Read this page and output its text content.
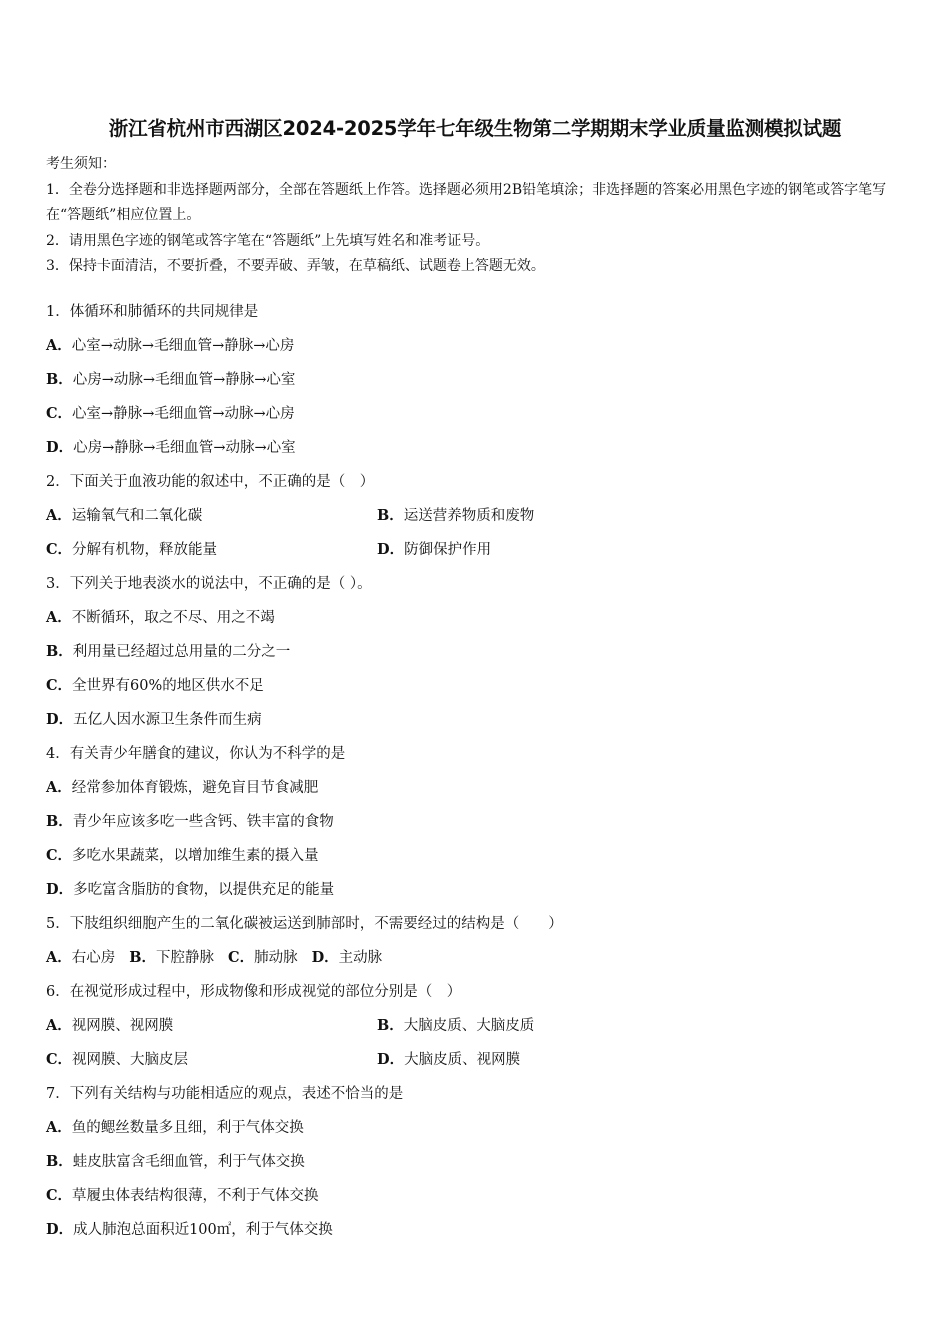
浙江省杭州市西湖区2024-2025学年七年级生物第二学期期末学业质量监测模拟试题

考生须知：

1．全卷分选择题和非选择题两部分，全部在答题纸上作答。选择题必须用2B铅笔填涂；非选择题的答案必用黑色字迹的钢笔或答字笔写在“答题纸”相应位置上。

2．请用黑色字迹的钢笔或答字笔在“答题纸”上先填写姓名和准考证号。

3．保持卡面清洁，不要折叠，不要弄破、弄皱，在草稿纸、试题卷上答题无效。

1．体循环和肺循环的共同规律是
A．心室→动脉→毛细血管→静脉→心房
B．心房→动脉→毛细血管→静脉→心室
C．心室→静脉→毛细血管→动脉→心房
D．心房→静脉→毛细血管→动脉→心室
2．下面关于血液功能的叙述中，不正确的是（　）
A．运输氧气和二氧化碳	B．运送营养物质和废物
C．分解有机物，释放能量	D．防御保护作用
3．下列关于地表淡水的说法中，不正确的是（ ）。
A．不断循环，取之不尽、用之不竭
B．利用量已经超过总用量的二分之一
C．全世界有60%的地区供水不足
D．五亿人因水源卫生条件而生病
4．有关青少年膳食的建议，你认为不科学的是
A．经常参加体育锻炼，避免盲目节食减肥
B．青少年应该多吃一些含钙、铁丰富的食物
C．多吃水果蔬菜，以增加维生素的摄入量
D．多吃富含脂肪的食物，以提供充足的能量
5．下肢组织细胞产生的二氧化碳被运送到肺部时，不需要经过的结构是（　　）
A．右心房 B．下腔静脉 C．肺动脉 D．主动脉
6．在视觉形成过程中，形成物像和形成视觉的部位分别是（　）
A．视网膜、视网膜	B．大脑皮质、大脑皮质
C．视网膜、大脑皮层	D．大脑皮质、视网膜
7．下列有关结构与功能相适应的观点，表述不恰当的是
A．鱼的鳃丝数量多且细，利于气体交换
B．蛙皮肤富含毛细血管，利于气体交换
C．草履虫体表结构很薄，不利于气体交换
D．成人肺泡总面积近100㎡，利于气体交换
